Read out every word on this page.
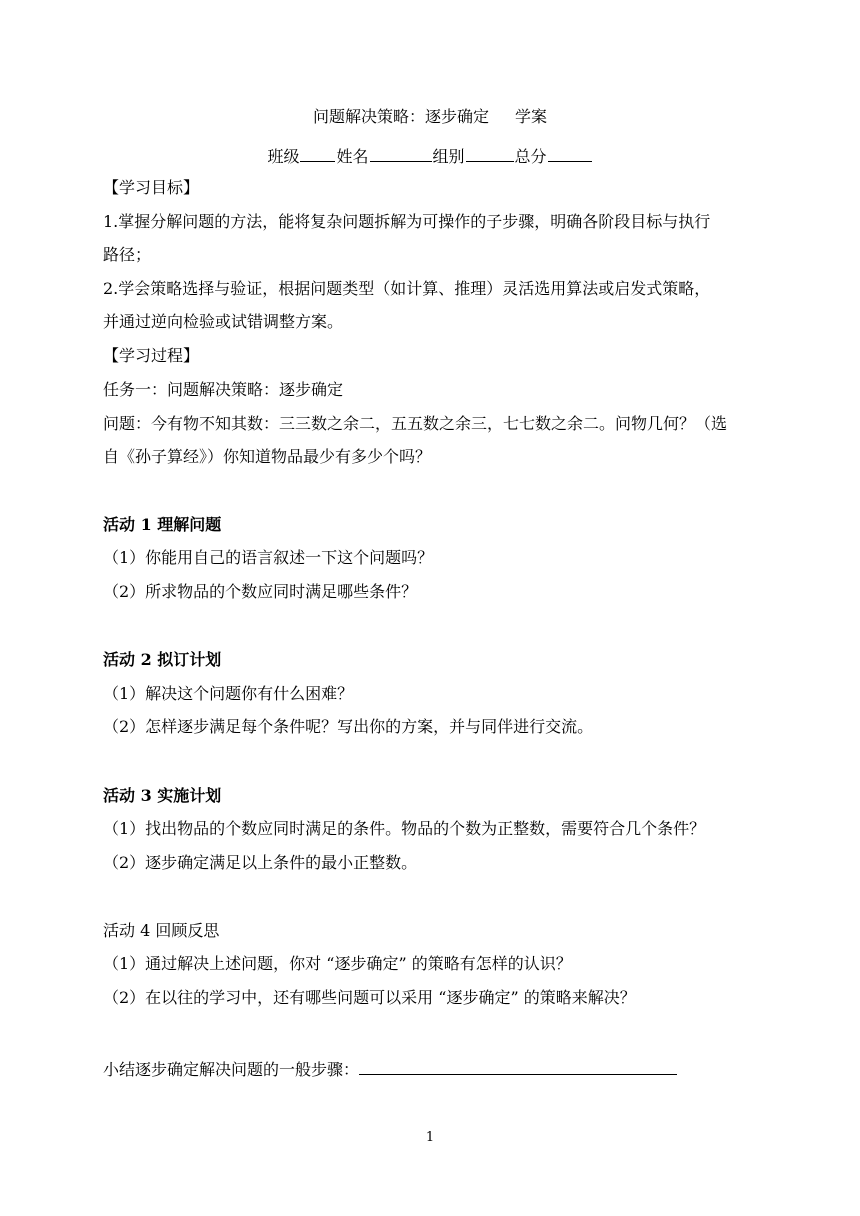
问题解决策略：逐步确定 学案
班级 姓名	组别	总分
【学习目标】
1.掌握分解问题的方法，能将复杂问题拆解为可操作的子步骤，明确各阶段目标与执行
路径；
2.学会策略选择与验证，根据问题类型（如计算、推理）灵活选用算法或启发式策略，
并通过逆向检验或试错调整方案。
【学习过程】
任务一：问题解决策略：逐步确定
问题：今有物不知其数：三三数之余二，五五数之余三，七七数之余二。问物几何？（选
自《孙子算经》）你知道物品最少有多少个吗？
活动 1 理解问题
（1）你能用自己的语言叙述一下这个问题吗？
（2）所求物品的个数应同时满足哪些条件？
活动 2 拟订计划
（1）解决这个问题你有什么困难？
（2）怎样逐步满足每个条件呢？写出你的方案，并与同伴进行交流。
活动 3 实施计划
（1）找出物品的个数应同时满足的条件。物品的个数为正整数，需要符合几个条件？
（2）逐步确定满足以上条件的最小正整数。
活动 4 回顾反思
（1）通过解决上述问题，你对 “逐步确定” 的策略有怎样的认识？
（2）在以往的学习中，还有哪些问题可以采用 “逐步确定” 的策略来解决？
小结逐步确定解决问题的一般步骤：
1
